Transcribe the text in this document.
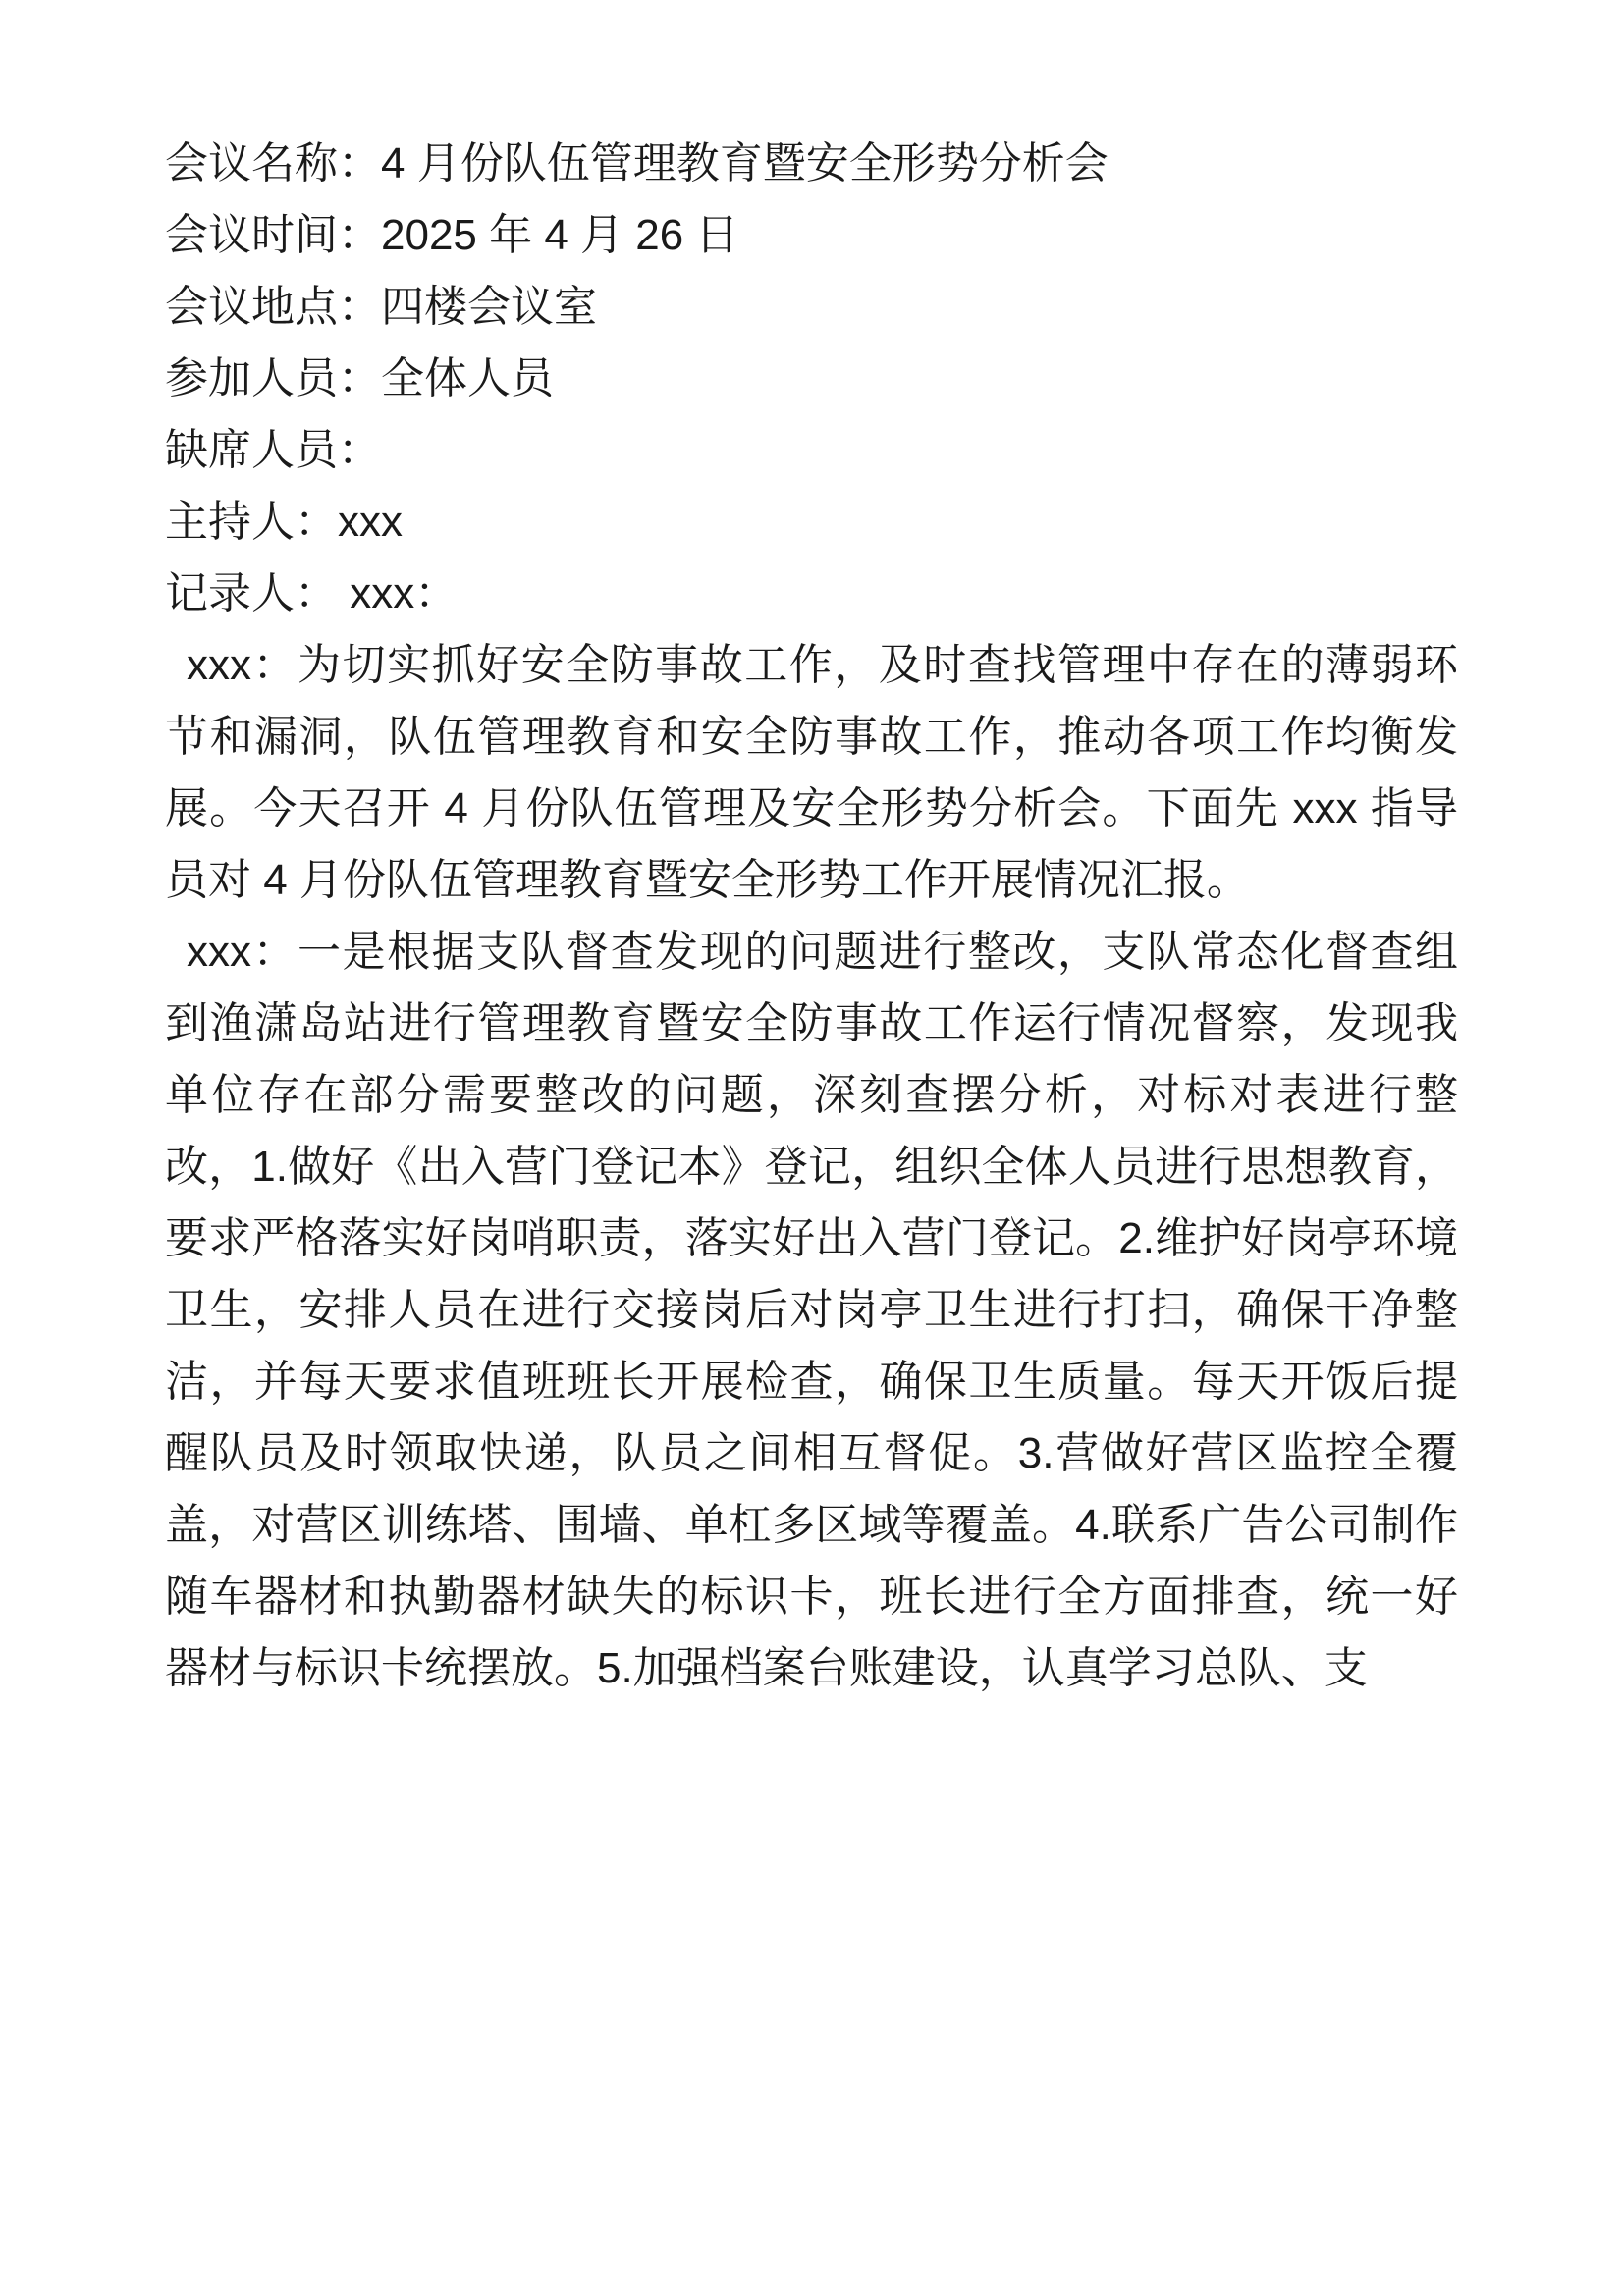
会议名称：4 月份队伍管理教育暨安全形势分析会

会议时间：2025 年 4 月 26 日

会议地点：四楼会议室

参加人员：全体人员

缺席人员：

主持人：xxx

记录人： xxx：

xxx：为切实抓好安全防事故工作，及时查找管理中存在的薄弱环节和漏洞，队伍管理教育和安全防事故工作，推动各项工作均衡发展。今天召开 4 月份队伍管理及安全形势分析会。下面先 xxx 指导员对 4 月份队伍管理教育暨安全形势工作开展情况汇报。

xxx：一是根据支队督查发现的问题进行整改，支队常态化督查组到渔潇岛站进行管理教育暨安全防事故工作运行情况督察，发现我单位存在部分需要整改的问题，深刻查摆分析，对标对表进行整改，1.做好《出入营门登记本》登记，组织全体人员进行思想教育，要求严格落实好岗哨职责，落实好出入营门登记。2.维护好岗亭环境卫生，安排人员在进行交接岗后对岗亭卫生进行打扫，确保干净整洁，并每天要求值班班长开展检查，确保卫生质量。每天开饭后提醒队员及时领取快递，队员之间相互督促。3.营做好营区监控全覆盖，对营区训练塔、围墙、单杠多区域等覆盖。4.联系广告公司制作随车器材和执勤器材缺失的标识卡，班长进行全方面排查，统一好器材与标识卡统摆放。5.加强档案台账建设，认真学习总队、支
